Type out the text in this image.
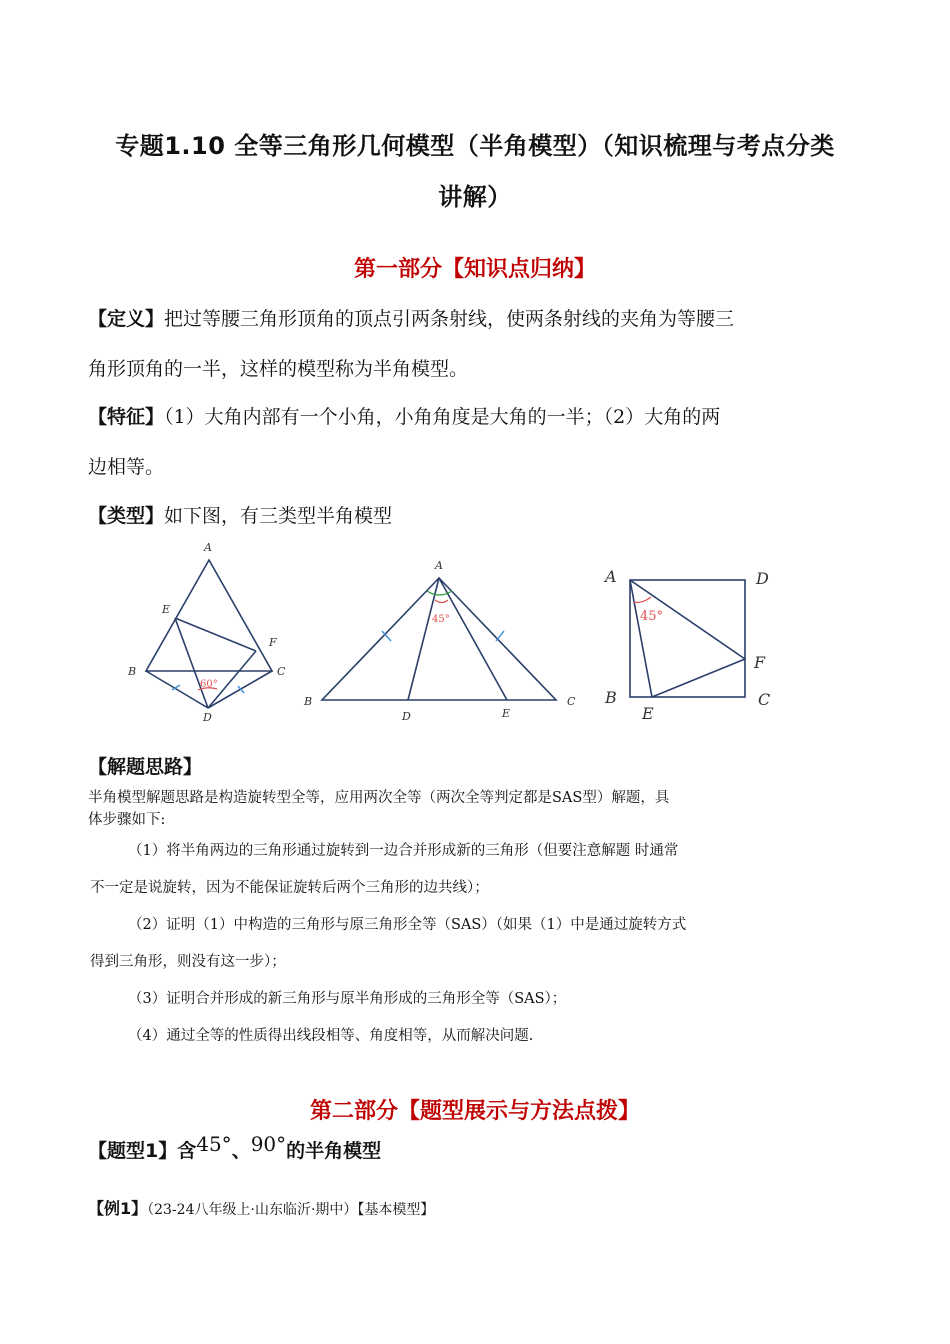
专题1.10 全等三角形几何模型（半角模型）（知识梳理与考点分类
讲解）
第一部分【知识点归纳】
【定义】把过等腰三角形顶角的顶点引两条射线，使两条射线的夹角为等腰三
角形顶角的一半，这样的模型称为半角模型。
【特征】（1）大角内部有一个小角，小角角度是大角的一半；（2）大角的两
边相等。
【类型】如下图，有三类型半角模型
60°
A
E
F
B	C
D
45°
A
B	C
D	E
45°
A	D
F
B	C
E
【解题思路】
半角模型解题思路是构造旋转型全等，应用两次全等（两次全等判定都是SAS型）解题，具
体步骤如下:
（1）将半角两边的三角形通过旋转到一边合并形成新的三角形（但要注意解题 时通常
不一定是说旋转，因为不能保证旋转后两个三角形的边共线）；
（2）证明（1）中构造的三角形与原三角形全等（SAS）（如果（1）中是通过旋转方式
得到三角形，则没有这一步）；
（3）证明合并形成的新三角形与原半角形成的三角形全等（SAS）；
（4）通过全等的性质得出线段相等、角度相等，从而解决问题.
第二部分【题型展示与方法点拨】
【题型1】含45°、90°的半角模型
【例1】（23-24八年级上·山东临沂·期中）【基本模型】
